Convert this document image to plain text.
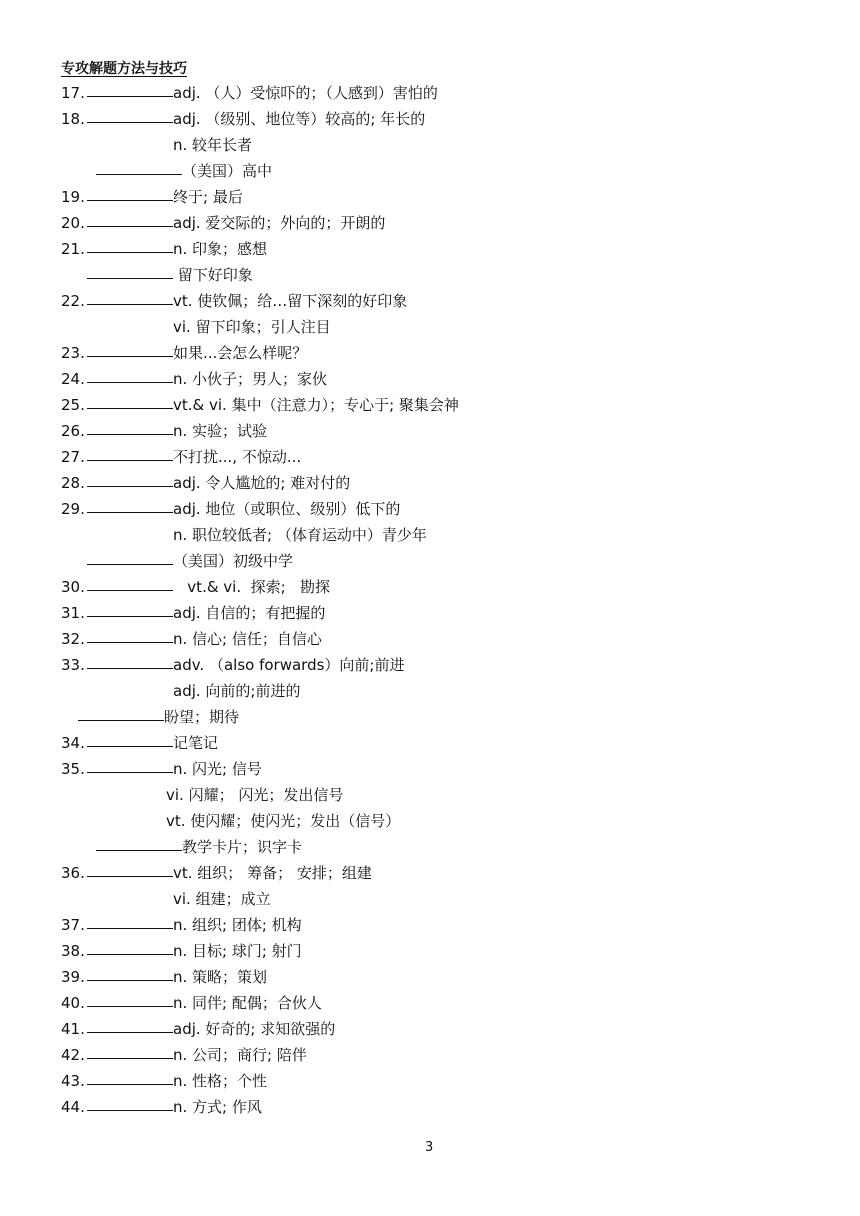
专攻解题方法与技巧
17.	adj. （人）受惊吓的；（人感到）害怕的
18.	adj. （级别、地位等）较高的; 年长的
n. 较年长者
（美国）高中
19.	终于; 最后
20.	adj. 爱交际的；外向的；开朗的
21.	n. 印象；感想
留下好印象
22.	vt. 使钦佩；给…留下深刻的好印象
vi. 留下印象；引人注目
23.	如果...会怎么样呢？
24.	n. 小伙子；男人；家伙
25.	vt.& vi. 集中（注意力）；专心于; 聚集会神
26.	n. 实验；试验
27.	不打扰..., 不惊动...
28.	adj. 令人尴尬的; 难对付的
29.	adj. 地位（或职位、级别）低下的
n. 职位较低者; （体育运动中）青少年
（美国）初级中学
30.	vt.& vi.  探索;   勘探
31.	adj. 自信的；有把握的
32.	n. 信心; 信任；自信心
33.	adv. （also forwards）向前;前进
adj. 向前的;前进的
盼望；期待
34.	记笔记
35.	n. 闪光; 信号
vi. 闪耀； 闪光；发出信号
vt. 使闪耀；使闪光；发出（信号）
教学卡片；识字卡
36.	vt. 组织； 筹备； 安排；组建
vi. 组建；成立
37.	n. 组织; 团体; 机构
38.	n. 目标; 球门; 射门
39.	n. 策略；策划
40.	n. 同伴; 配偶；合伙人
41.	adj. 好奇的; 求知欲强的
42.	n. 公司；商行; 陪伴
43.	n. 性格；个性
44.	n. 方式; 作风
3
